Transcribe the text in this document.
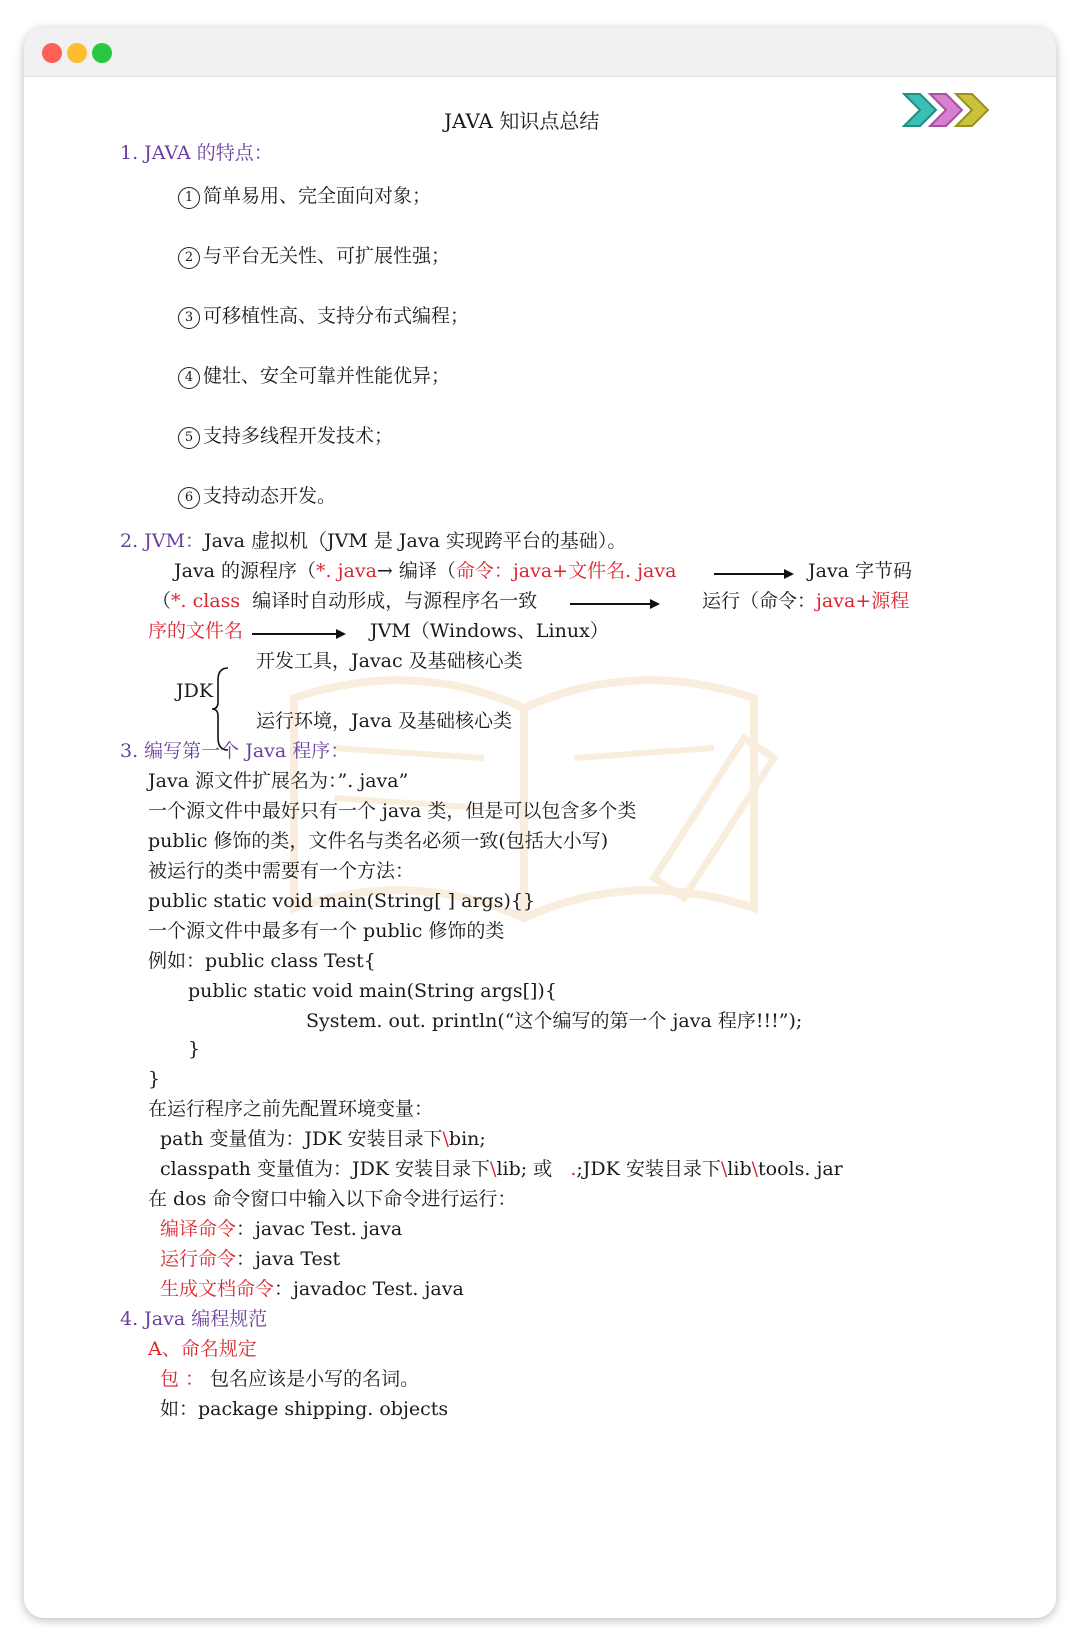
JAVA 知识点总结
1. JAVA 的特点：
1 简单易用、完全面向对象；
2 与平台无关性、可扩展性强；
3 可移植性高、支持分布式编程；
4 健壮、安全可靠并性能优异；
5 支持多线程开发技术；
6 支持动态开发。
2. JVM：Java 虚拟机（JVM 是 Java 实现跨平台的基础）。
Java 的源程序（*. java→ 编译（命令：java+文件名. java	Java 字节码
（*. class 编译时自动形成，与源程序名一致	运行（命令：java+源程
序的文件名	JVM（Windows、Linux）
开发工具，Javac 及基础核心类
JDK
运行环境，Java 及基础核心类
3. 编写第一个 Java 程序：
Java 源文件扩展名为：”. java”
一个源文件中最好只有一个 java 类，但是可以包含多个类
public 修饰的类，文件名与类名必须一致(包括大小写)
被运行的类中需要有一个方法：
public static void main(String[ ] args){}
一个源文件中最多有一个 public 修饰的类
例如：public class Test{
public static void main(String args[]){
System. out. println(“这个编写的第一个 java 程序!!!”);
}
}
在运行程序之前先配置环境变量：
path 变量值为：JDK 安装目录下\bin;
classpath 变量值为：JDK 安装目录下\lib; 或   .;JDK 安装目录下\lib\tools. jar
在 dos 命令窗口中输入以下命令进行运行：
编译命令：javac Test. java
运行命令：java Test
生成文档命令：javadoc Test. java
4. Java 编程规范
A、命名规定
包 ： 包名应该是小写的名词。
如：package shipping. objects
